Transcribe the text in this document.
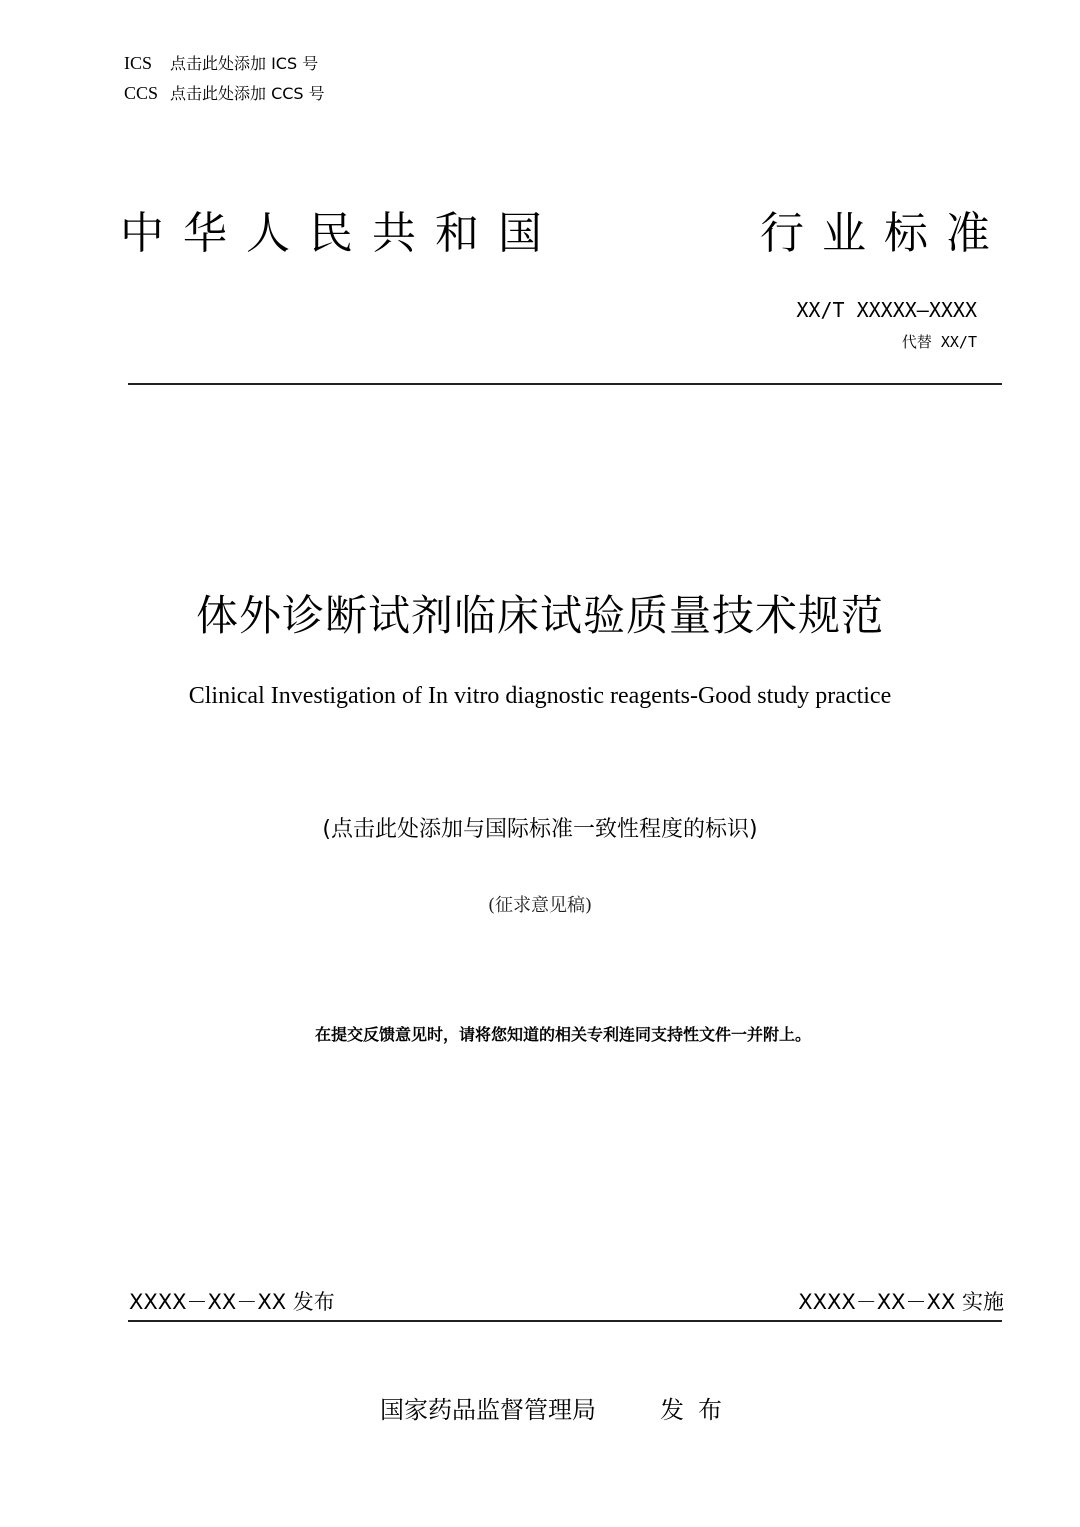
ICS 点击此处添加 ICS 号
CCS 点击此处添加 CCS 号
中华人民共和国	行业标准
XX/T XXXXX—XXXX
代替 XX/T
体外诊断试剂临床试验质量技术规范
Clinical Investigation of In vitro diagnostic reagents-Good study practice
(点击此处添加与国际标准一致性程度的标识)
(征求意见稿)
在提交反馈意见时，请将您知道的相关专利连同支持性文件一并附上。
XXXX－XX－XX 发布	XXXX－XX－XX 实施
国家药品监督管理局	发布
